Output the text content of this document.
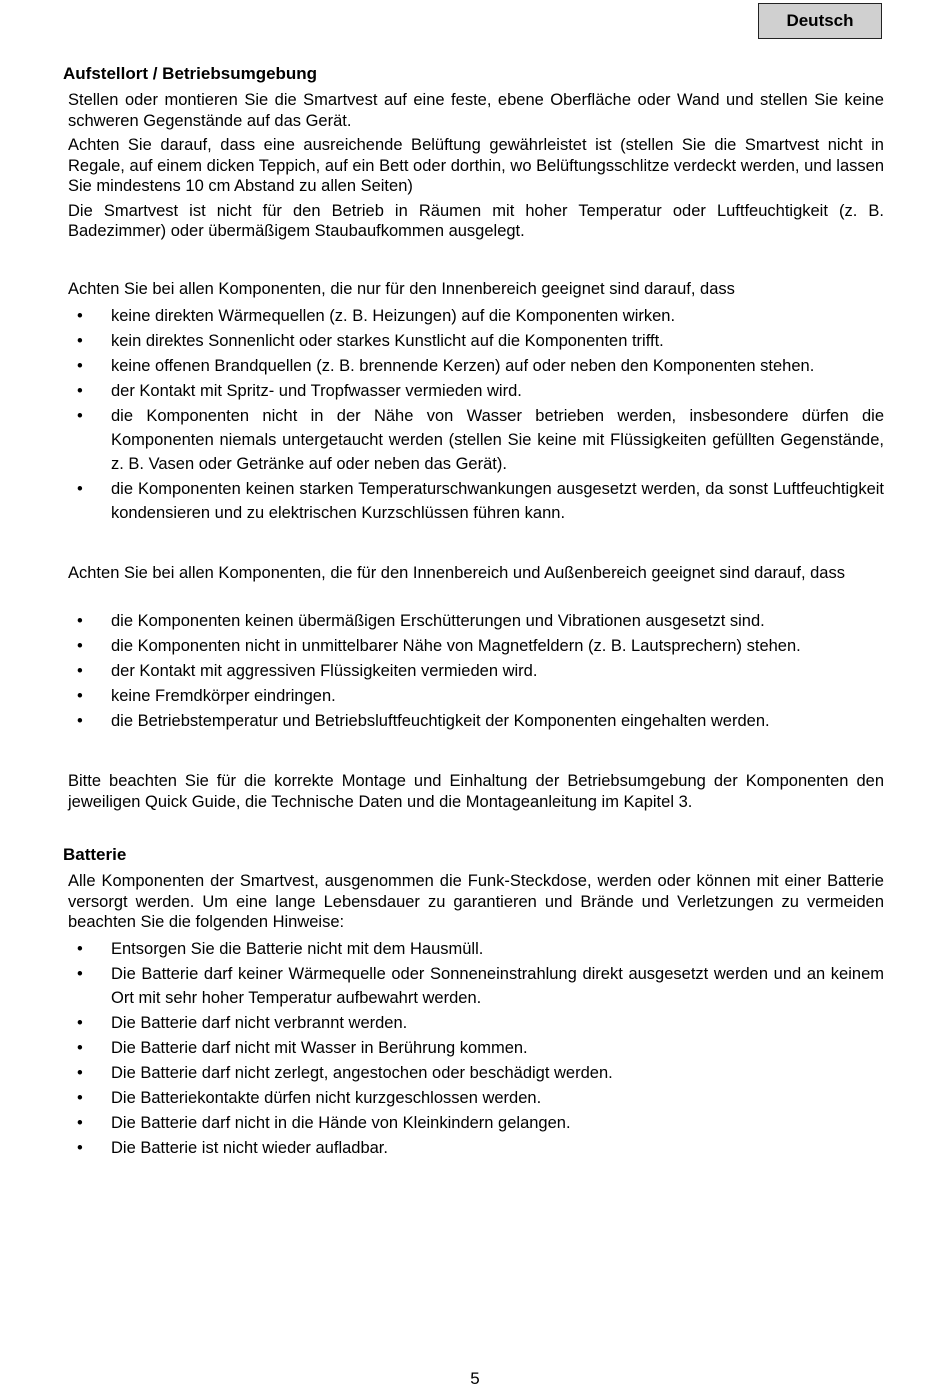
Deutsch
Aufstellort / Betriebsumgebung

Stellen oder montieren Sie die Smartvest auf eine feste, ebene Oberfläche oder Wand und stellen Sie keine schweren Gegenstände auf das Gerät.

Achten Sie darauf, dass eine ausreichende Belüftung gewährleistet ist (stellen Sie die Smartvest nicht in Regale, auf einem dicken Teppich, auf ein Bett oder dorthin, wo Belüftungsschlitze verdeckt werden, und lassen Sie mindestens 10 cm Abstand zu allen Seiten)

Die Smartvest ist nicht für den Betrieb in Räumen mit hoher Temperatur oder Luftfeuchtigkeit (z. B. Badezimmer) oder übermäßigem Staubaufkommen ausgelegt.

Achten Sie bei allen Komponenten, die nur für den Innenbereich geeignet sind darauf, dass
• keine direkten Wärmequellen (z. B. Heizungen) auf die Komponenten wirken.
• kein direktes Sonnenlicht oder starkes Kunstlicht auf die Komponenten trifft.
• keine offenen Brandquellen (z. B. brennende Kerzen) auf oder neben den Komponenten stehen.
• der Kontakt mit Spritz- und Tropfwasser vermieden wird.
• die Komponenten nicht in der Nähe von Wasser betrieben werden, insbesondere dürfen die Komponenten niemals untergetaucht werden (stellen Sie keine mit Flüssigkeiten gefüllten Gegenstände, z. B. Vasen oder Getränke auf oder neben das Gerät).
• die Komponenten keinen starken Temperaturschwankungen ausgesetzt werden, da sonst Luftfeuchtigkeit kondensieren und zu elektrischen Kurzschlüssen führen kann.
Achten Sie bei allen Komponenten, die für den Innenbereich und Außenbereich geeignet sind darauf, dass
• die Komponenten keinen übermäßigen Erschütterungen und Vibrationen ausgesetzt sind.
• die Komponenten nicht in unmittelbarer Nähe von Magnetfeldern (z. B. Lautsprechern) stehen.
• der Kontakt mit aggressiven Flüssigkeiten vermieden wird.
• keine Fremdkörper eindringen.
• die Betriebstemperatur und Betriebsluftfeuchtigkeit der Komponenten eingehalten werden.
Bitte beachten Sie für die korrekte Montage und Einhaltung der Betriebsumgebung der Komponenten den jeweiligen Quick Guide, die Technische Daten und die Montageanleitung im Kapitel 3.
Batterie
Alle Komponenten der Smartvest, ausgenommen die Funk-Steckdose, werden oder können mit einer Batterie versorgt werden. Um eine lange Lebensdauer zu garantieren und Brände und Verletzungen zu vermeiden beachten Sie die folgenden Hinweise:
• Entsorgen Sie die Batterie nicht mit dem Hausmüll.
• Die Batterie darf keiner Wärmequelle oder Sonneneinstrahlung direkt ausgesetzt werden und an keinem Ort mit sehr hoher Temperatur aufbewahrt werden.
• Die Batterie darf nicht verbrannt werden.
• Die Batterie darf nicht mit Wasser in Berührung kommen.
• Die Batterie darf nicht zerlegt, angestochen oder beschädigt werden.
• Die Batteriekontakte dürfen nicht kurzgeschlossen werden.
• Die Batterie darf nicht in die Hände von Kleinkindern gelangen.
• Die Batterie ist nicht wieder aufladbar.
5
